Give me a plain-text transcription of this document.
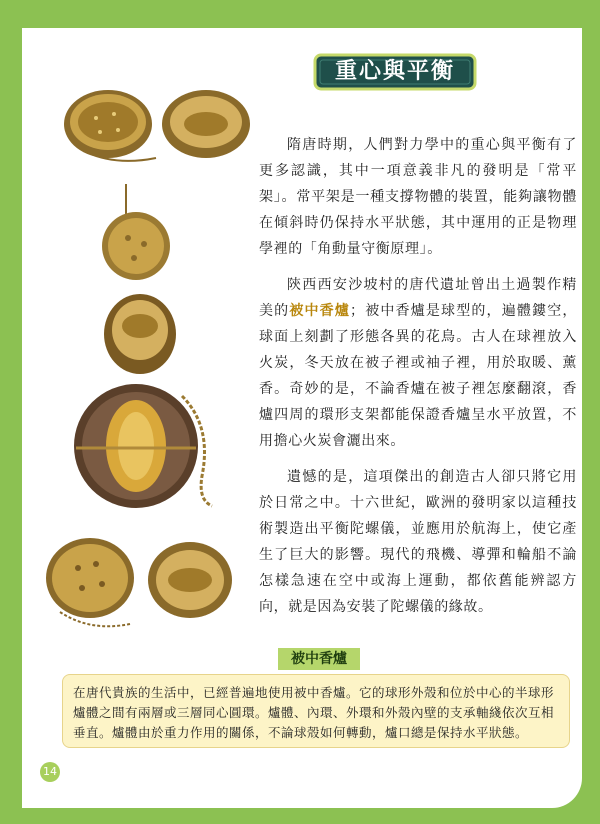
重心與平衡

隋唐時期，人們對力學中的重心與平衡有了更多認識，其中一項意義非凡的發明是「常平架」。常平架是一種支撐物體的裝置，能夠讓物體在傾斜時仍保持水平狀態，其中運用的正是物理學裡的「角動量守衡原理」。

陝西西安沙坡村的唐代遺址曾出土過製作精美的被中香爐；被中香爐是球型的，遍體鏤空，球面上刻劃了形態各異的花鳥。古人在球裡放入火炭，冬天放在被子裡或袖子裡，用於取暖、薰香。奇妙的是，不論香爐在被子裡怎麼翻滾，香爐四周的環形支架都能保證香爐呈水平放置，不用擔心火炭會灑出來。

遺憾的是，這項傑出的創造古人卻只將它用於日常之中。十六世紀，歐洲的發明家以這種技術製造出平衡陀螺儀，並應用於航海上，使它產生了巨大的影響。現代的飛機、導彈和輪船不論怎樣急速在空中或海上運動，都依舊能辨認方向，就是因為安裝了陀螺儀的緣故。

被中香爐
在唐代貴族的生活中，已經普遍地使用被中香爐。它的球形外殼和位於中心的半球形爐體之間有兩層或三層同心圓環。爐體、內環、外環和外殼內壁的支承軸綫依次互相垂直。爐體由於重力作用的關係，不論球殼如何轉動，爐口總是保持水平狀態。
14
